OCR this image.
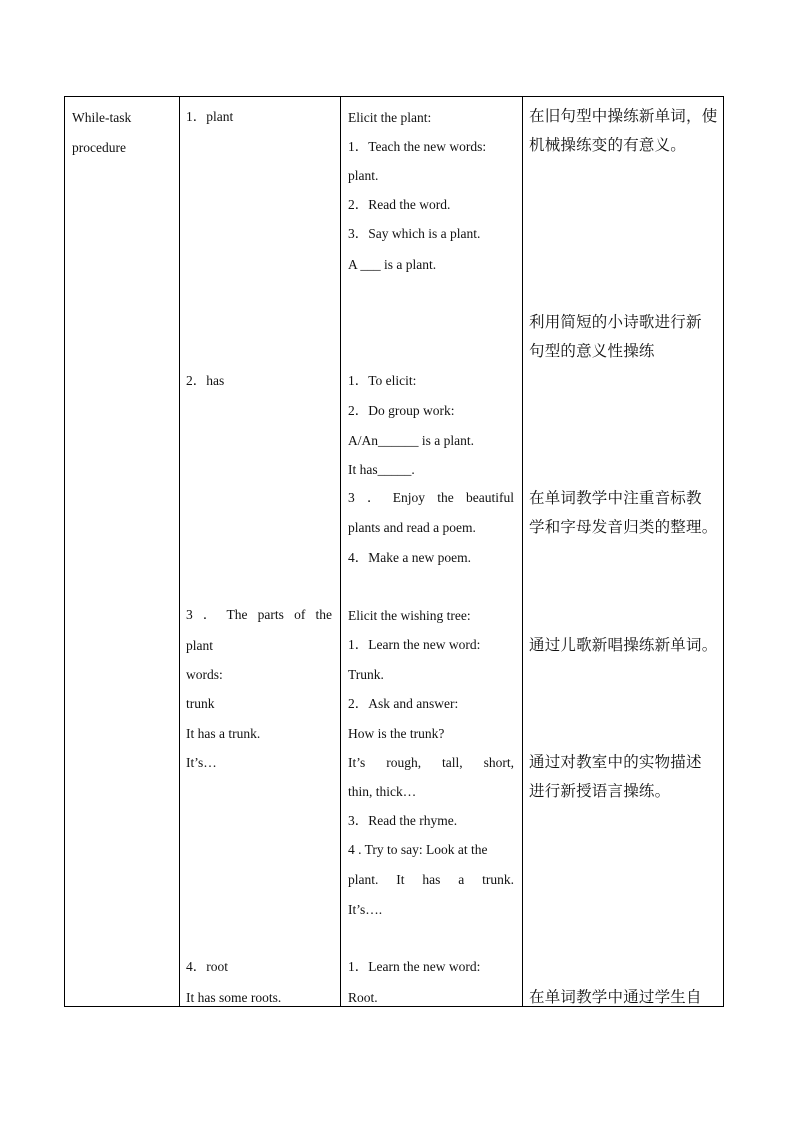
While-task
procedure
1．plant
2．has
3 ． The parts of the
plant
words:
trunk
It has a trunk.
It’s…
4．root
It has some roots.
Elicit the plant:
1．Teach the new words:
plant.
2．Read the word.
3．Say which is a plant.
A ___ is a plant.
1．To elicit:
2．Do group work:
A/An______ is a plant.
It has_____.
3 ． Enjoy the beautiful
plants and read a poem.
4．Make a new poem.
Elicit the wishing tree:
1．Learn the new word:
Trunk.
2．Ask and answer:
How is the trunk?
It’s rough, tall, short,
thin, thick…
3．Read the rhyme.
4 . Try to say: Look at the
plant. It has a trunk.
It’s….
1．Learn the new word:
Root.
在旧句型中操练新单词，使
机械操练变的有意义。
利用简短的小诗歌进行新
句型的意义性操练
在单词教学中注重音标教
学和字母发音归类的整理。
通过儿歌新唱操练新单词。
通过对教室中的实物描述
进行新授语言操练。
在单词教学中通过学生自
